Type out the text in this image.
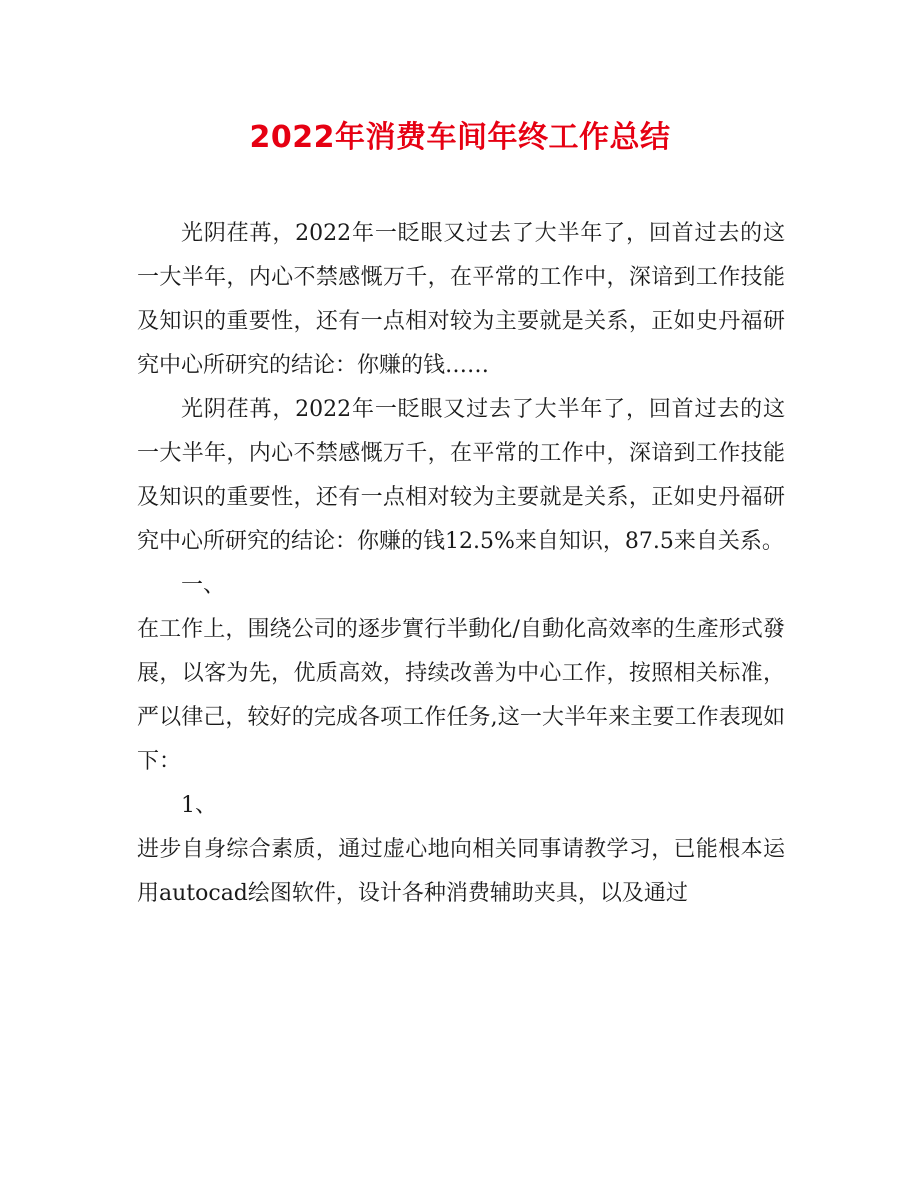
2022年消费车间年终工作总结

光阴荏苒，2022年一眨眼又过去了大半年了，回首过去的这一大半年，内心不禁感慨万千，在平常的工作中，深谙到工作技能及知识的重要性，还有一点相对较为主要就是关系，正如史丹福研究中心所研究的结论：你赚的钱……

光阴荏苒，2022年一眨眼又过去了大半年了，回首过去的这一大半年，内心不禁感慨万千，在平常的工作中，深谙到工作技能及知识的重要性，还有一点相对较为主要就是关系，正如史丹福研究中心所研究的结论：你赚的钱12.5%来自知识，87.5来自关系。

一、

在工作上，围绕公司的逐步實行半動化/自動化高效率的生產形式發展，以客为先，优质高效，持续改善为中心工作，按照相关标准，严以律己，较好的完成各项工作任务,这一大半年来主要工作表现如下：

1、

进步自身综合素质，通过虚心地向相关同事请教学习，已能根本运用autocad绘图软件，设计各种消费辅助夹具，以及通过
